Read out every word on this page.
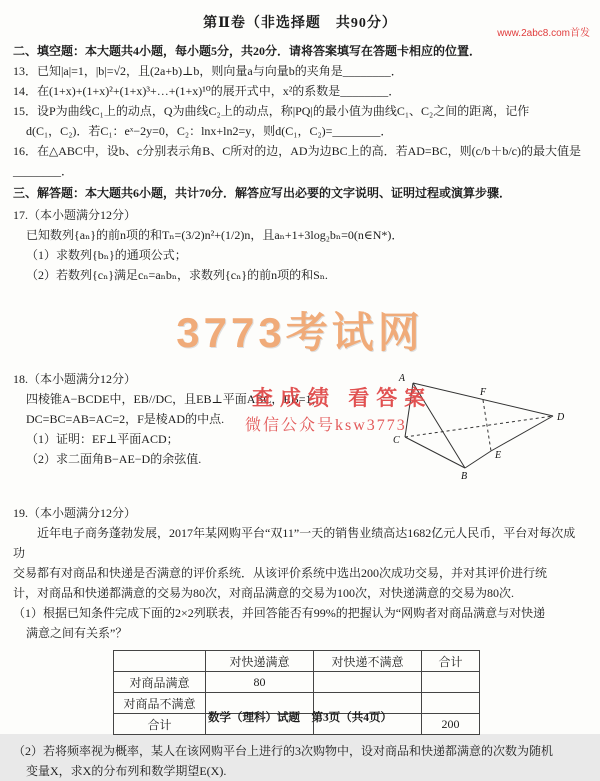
www.2abc8.com首发
第Ⅱ卷（非选择题　共90分）

二、填空题：本大题共4小题，每小题5分，共20分．请将答案填写在答题卡相应的位置．

13．已知|a|=1，|b|=√2，且(2a+b)⊥b，则向量a与向量b的夹角是________．

14．在(1+x)+(1+x)²+(1+x)³+…+(1+x)¹⁰的展开式中，x²的系数是________．

15．设P为曲线C₁上的动点，Q为曲线C₂上的动点，称|PQ|的最小值为曲线C₁、C₂之间的距离，记作

d(C₁，C₂)．若C₁：eˣ−2y=0，C₂：lnx+ln2=y，则d(C₁，C₂)=________．

16．在△ABC中，设b、c分别表示角B、C所对的边，AD为边BC上的高．若AD=BC，则(c/b＋b/c)的最大值是________．

三、解答题：本大题共6小题，共计70分．解答应写出必要的文字说明、证明过程或演算步骤．

17.（本小题满分12分）

已知数列{aₙ}的前n项的和Tₙ=(3/2)n²+(1/2)n，且aₙ+1+3log₂bₙ=0(n∈N*)．

（1）求数列{bₙ}的通项公式；

（2）若数列{cₙ}满足cₙ=aₙbₙ，求数列{cₙ}的前n项的和Sₙ.

18.（本小题满分12分）

四棱锥A−BCDE中，EB//DC，且EB⊥平面ABC，EB=1，

DC=BC=AB=AC=2，F是棱AD的中点.

（1）证明：EF⊥平面ACD；

（2）求二面角B−AE−D的余弦值.

A
F
D
C
B
E

19.（本小题满分12分）

近年电子商务蓬勃发展，2017年某网购平台“双11”一天的销售业绩高达1682亿元人民币，平台对每次成功

交易都有对商品和快递是否满意的评价系统．从该评价系统中选出200次成功交易，并对其评价进行统

计，对商品和快递都满意的交易为80次，对商品满意的交易为100次，对快递满意的交易为80次.

（1）根据已知条件完成下面的2×2列联表，并回答能否有99%的把握认为“网购者对商品满意与对快递

满意之间有关系”？

	对快递满意	对快递不满意	合计
对商品满意	80		
对商品不满意			
合计			200

（2）若将频率视为概率，某人在该网购平台上进行的3次购物中，设对商品和快递都满意的次数为随机

变量X，求X的分布列和数学期望E(X).

3773考试网
查成绩 看答案
微信公众号ksw3773
数学（理科）试题　第3页（共4页）
